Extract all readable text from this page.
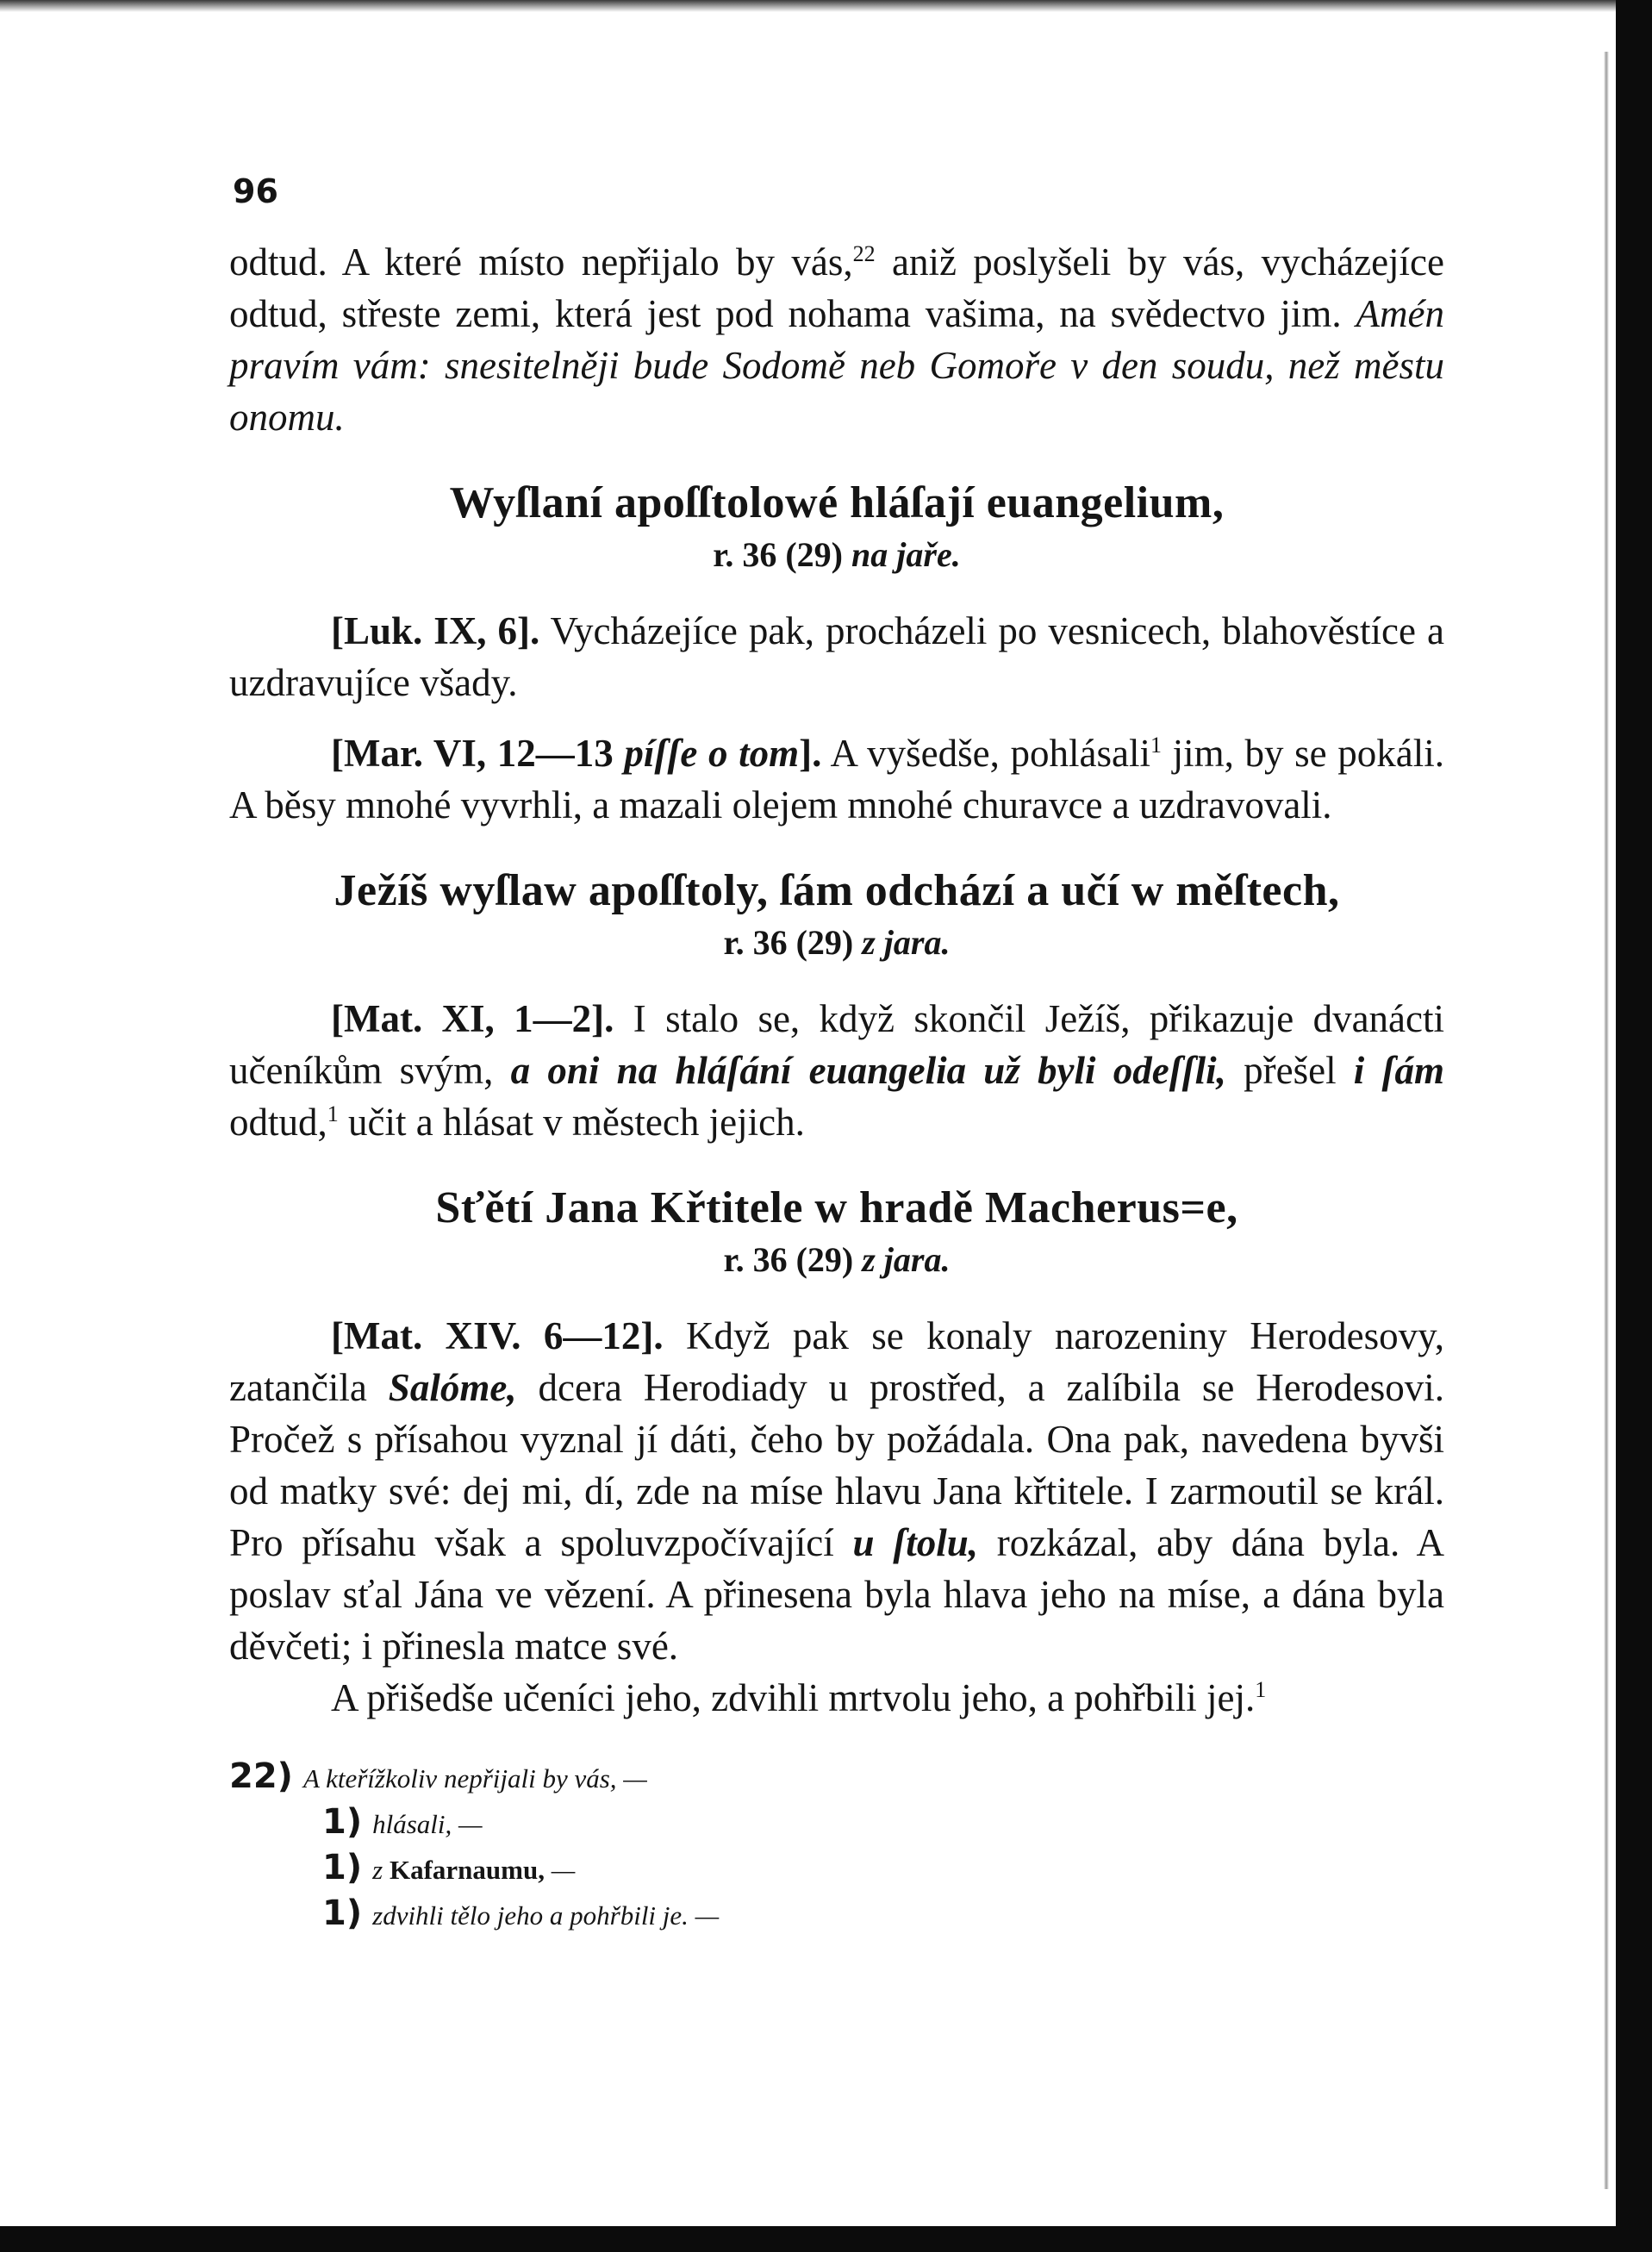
96

odtud. A které místo nepřijalo by vás,$^{22}$ aniž poslyšeli by vás, vycházejíce odtud, střeste zemi, která jest pod nohama vašima, na svědectvo jim. Amén pravím vám: snesitelněji bude Sodomě neb Gomoře v den soudu, než městu onomu.

Wyſlaní apoſſtolowé hláſají euangelium,
r. 36 (29) na jaře.

[Luk. IX, 6]. Vycházejíce pak, procházeli po vesnicech, blahověstíce a uzdravujíce všady.

[Mar. VI, 12—13 píſſe o tom]. A vyšedše, pohlásali$^1$ jim, by se pokáli. A běsy mnohé vyvrhli, a mazali olejem mnohé churavce a uzdravovali.

Ježíš wyſlaw apoſſtoly, ſám odchází a učí w měſtech,
r. 36 (29) z jara.

[Mat. XI, 1—2]. I stalo se, když skončil Ježíš, přikazuje dvanácti učeníkům svým, a oni na hláſání euangelia už byli odeſſli, přešel i ſám odtud,$^1$ učit a hlásat v městech jejich.

Sťětí Jana Křtitele w hradě Macherus=e,
r. 36 (29) z jara.

[Mat. XIV. 6—12]. Když pak se konaly narozeniny Herodesovy, zatančila Salóme, dcera Herodiady u prostřed, a zalíbila se Herodesovi. Pročež s přísahou vyznal jí dáti, čeho by požádala. Ona pak, navedena byvši od matky své: dej mi, dí, zde na míse hlavu Jana křtitele. I zarmoutil se král. Pro přísahu však a spoluvzpočívající u ſtolu, rozkázal, aby dána byla. A poslav sťal Jána ve vězení. A přinesena byla hlava jeho na míse, a dána byla děvčeti; i přinesla matce své.

A přišedše učeníci jeho, zdvihli mrtvolu jeho, a pohřbili jej.$^1$

22) A kteřížkoliv nepřijali by vás, —

1) hlásali, —

1) z Kafarnaumu, —

1) zdvihli tělo jeho a pohřbili je. —
